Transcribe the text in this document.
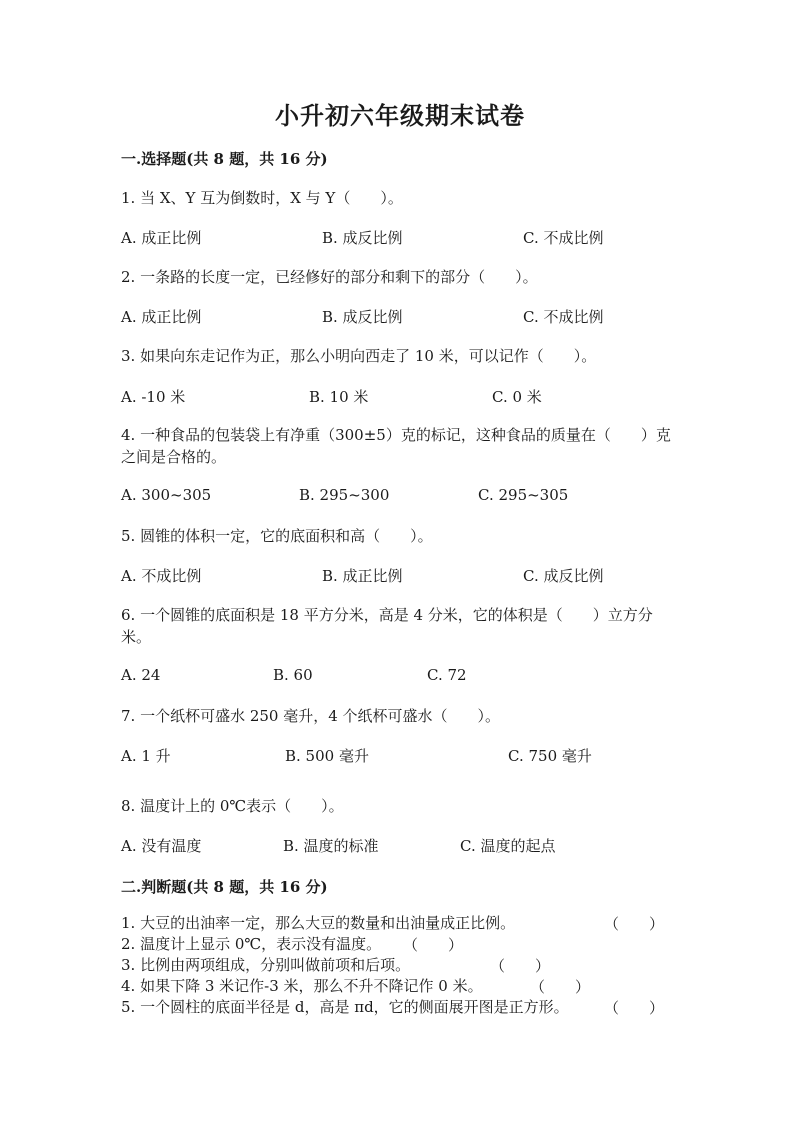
小升初六年级期末试卷
一.选择题(共 8 题，共 16 分)
1. 当 X、Y 互为倒数时，X 与 Y（　　）。
A. 成正比例	B. 成反比例	C. 不成比例
2. 一条路的长度一定，已经修好的部分和剩下的部分（　　）。
A. 成正比例	B. 成反比例	C. 不成比例
3. 如果向东走记作为正，那么小明向西走了 10 米，可以记作（　　）。
A. -10 米	B. 10 米	C. 0 米
4. 一种食品的包装袋上有净重（300±5）克的标记，这种食品的质量在（　　）克之间是合格的。
A. 300~305	B. 295~300	C. 295~305
5. 圆锥的体积一定，它的底面积和高（　　）。
A. 不成比例	B. 成正比例	C. 成反比例
6. 一个圆锥的底面积是 18 平方分米，高是 4 分米，它的体积是（　　）立方分米。
A. 24	B. 60	C. 72
7. 一个纸杯可盛水 250 毫升，4 个纸杯可盛水（　　）。
A. 1 升	B. 500 毫升	C. 750 毫升
8. 温度计上的 0℃表示（　　）。
A. 没有温度	B. 温度的标准	C. 温度的起点
二.判断题(共 8 题，共 16 分)
1. 大豆的出油率一定，那么大豆的数量和出油量成正比例。	（　　）
2. 温度计上显示 0℃，表示没有温度。 （　　）
3. 比例由两项组成，分别叫做前项和后项。	（　　）
4. 如果下降 3 米记作-3 米，那么不升不降记作 0 米。	（　　）
5. 一个圆柱的底面半径是 d，高是 πd，它的侧面展开图是正方形。 （　　）
